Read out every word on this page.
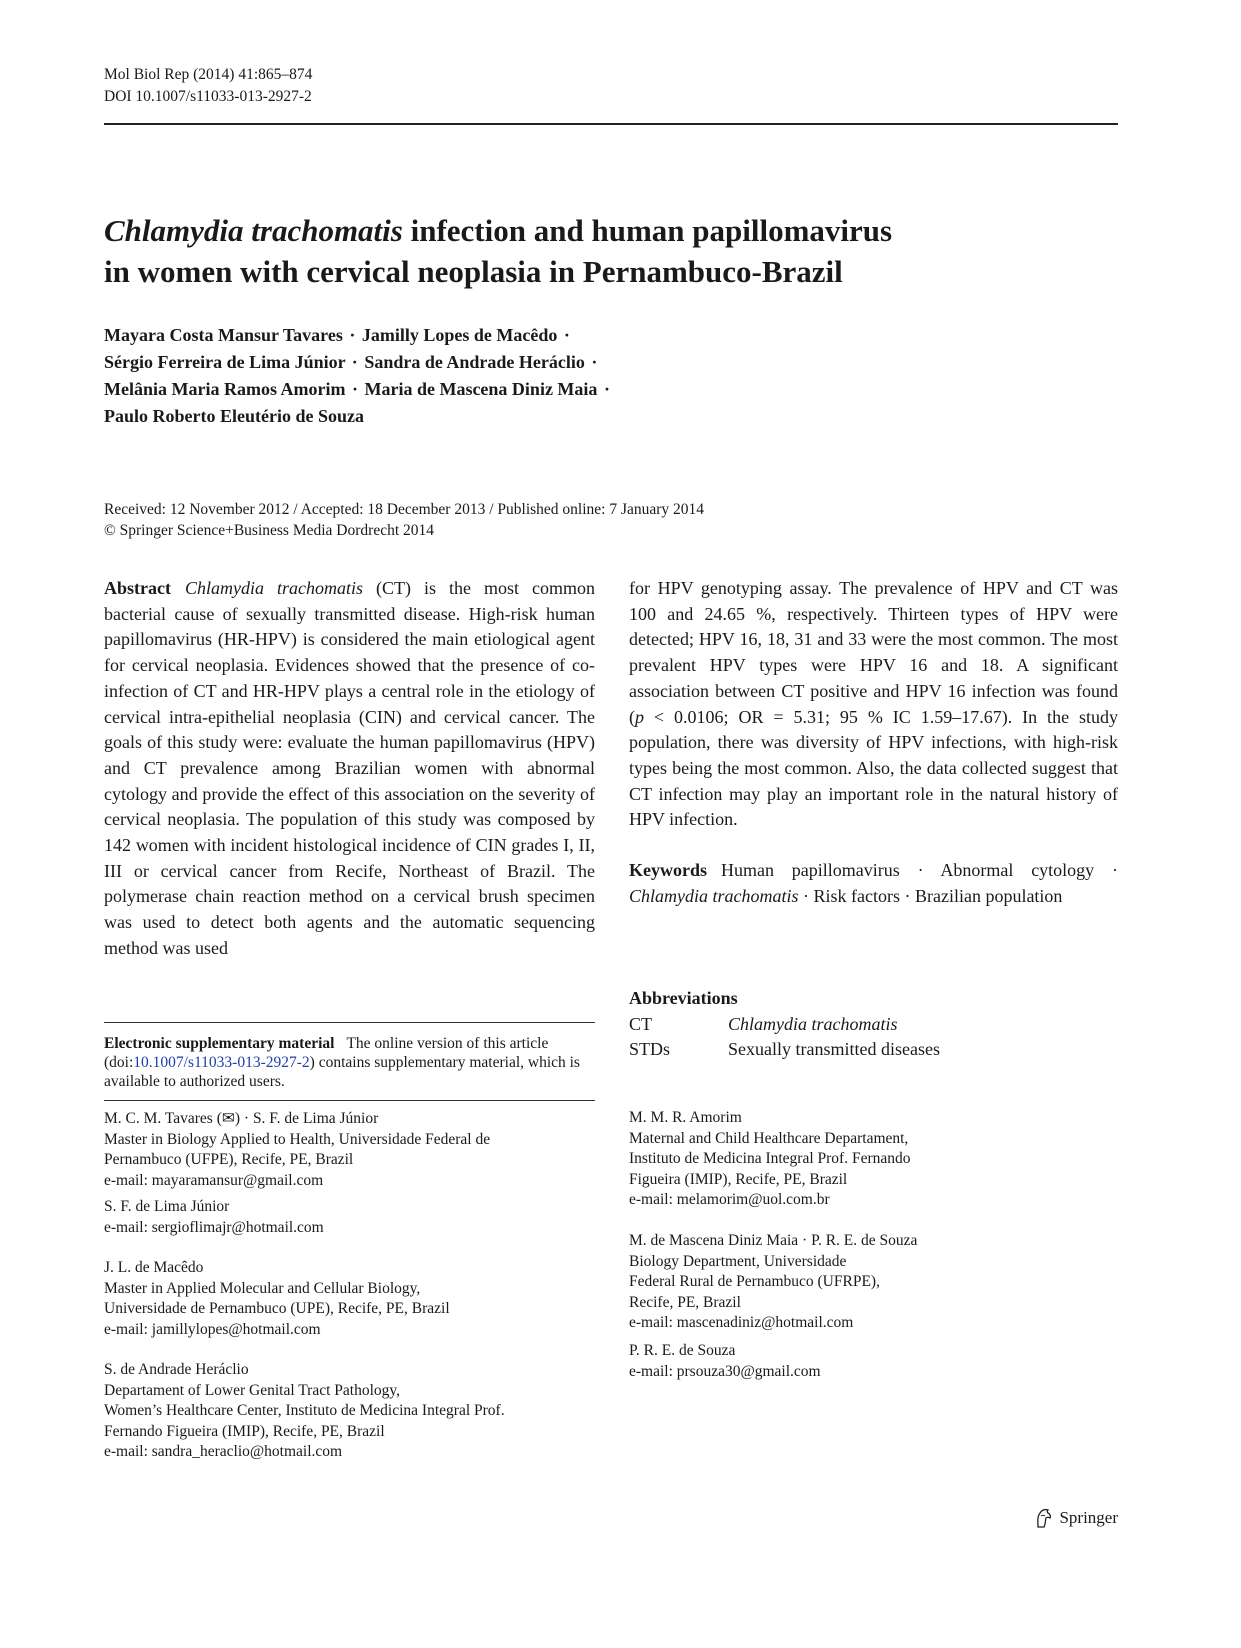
Mol Biol Rep (2014) 41:865–874
DOI 10.1007/s11033-013-2927-2
Chlamydia trachomatis infection and human papillomavirus
in women with cervical neoplasia in Pernambuco-Brazil
Mayara Costa Mansur Tavares · Jamilly Lopes de Macêdo ·
Sérgio Ferreira de Lima Júnior · Sandra de Andrade Heráclio ·
Melânia Maria Ramos Amorim · Maria de Mascena Diniz Maia ·
Paulo Roberto Eleutério de Souza
Received: 12 November 2012 / Accepted: 18 December 2013 / Published online: 7 January 2014
© Springer Science+Business Media Dordrecht 2014

Abstract Chlamydia trachomatis (CT) is the most common bacterial cause of sexually transmitted disease. High-risk human papillomavirus (HR-HPV) is considered the main etiological agent for cervical neoplasia. Evidences showed that the presence of co-infection of CT and HR-HPV plays a central role in the etiology of cervical intra-epithelial neoplasia (CIN) and cervical cancer. The goals of this study were: evaluate the human papillomavirus (HPV) and CT prevalence among Brazilian women with abnormal cytology and provide the effect of this association on the severity of cervical neoplasia. The population of this study was composed by 142 women with incident histological incidence of CIN grades I, II, III or cervical cancer from Recife, Northeast of Brazil. The polymerase chain reaction method on a cervical brush specimen was used to detect both agents and the automatic sequencing method was used

for HPV genotyping assay. The prevalence of HPV and CT was 100 and 24.65 %, respectively. Thirteen types of HPV were detected; HPV 16, 18, 31 and 33 were the most common. The most prevalent HPV types were HPV 16 and 18. A significant association between CT positive and HPV 16 infection was found (p < 0.0106; OR = 5.31; 95 % IC 1.59–17.67). In the study population, there was diversity of HPV infections, with high-risk types being the most common. Also, the data collected suggest that CT infection may play an important role in the natural history of HPV infection.

Keywords Human papillomavirus · Abnormal cytology · Chlamydia trachomatis · Risk factors · Brazilian population

Abbreviations
CT	Chlamydia trachomatis
STDs	Sexually transmitted diseases
Electronic supplementary material The online version of this article (doi:10.1007/s11033-013-2927-2) contains supplementary material, which is available to authorized users.
M. C. M. Tavares (✉) · S. F. de Lima Júnior
Master in Biology Applied to Health, Universidade Federal de
Pernambuco (UFPE), Recife, PE, Brazil
e-mail: mayaramansur@gmail.com
S. F. de Lima Júnior
e-mail: sergioflimajr@hotmail.com
J. L. de Macêdo
Master in Applied Molecular and Cellular Biology,
Universidade de Pernambuco (UPE), Recife, PE, Brazil
e-mail: jamillylopes@hotmail.com
S. de Andrade Heráclio
Departament of Lower Genital Tract Pathology,
Women’s Healthcare Center, Instituto de Medicina Integral Prof.
Fernando Figueira (IMIP), Recife, PE, Brazil
e-mail: sandra_heraclio@hotmail.com
M. M. R. Amorim
Maternal and Child Healthcare Departament,
Instituto de Medicina Integral Prof. Fernando
Figueira (IMIP), Recife, PE, Brazil
e-mail: melamorim@uol.com.br
M. de Mascena Diniz Maia · P. R. E. de Souza
Biology Department, Universidade
Federal Rural de Pernambuco (UFRPE),
Recife, PE, Brazil
e-mail: mascenadiniz@hotmail.com
P. R. E. de Souza
e-mail: prsouza30@gmail.com
Springer
